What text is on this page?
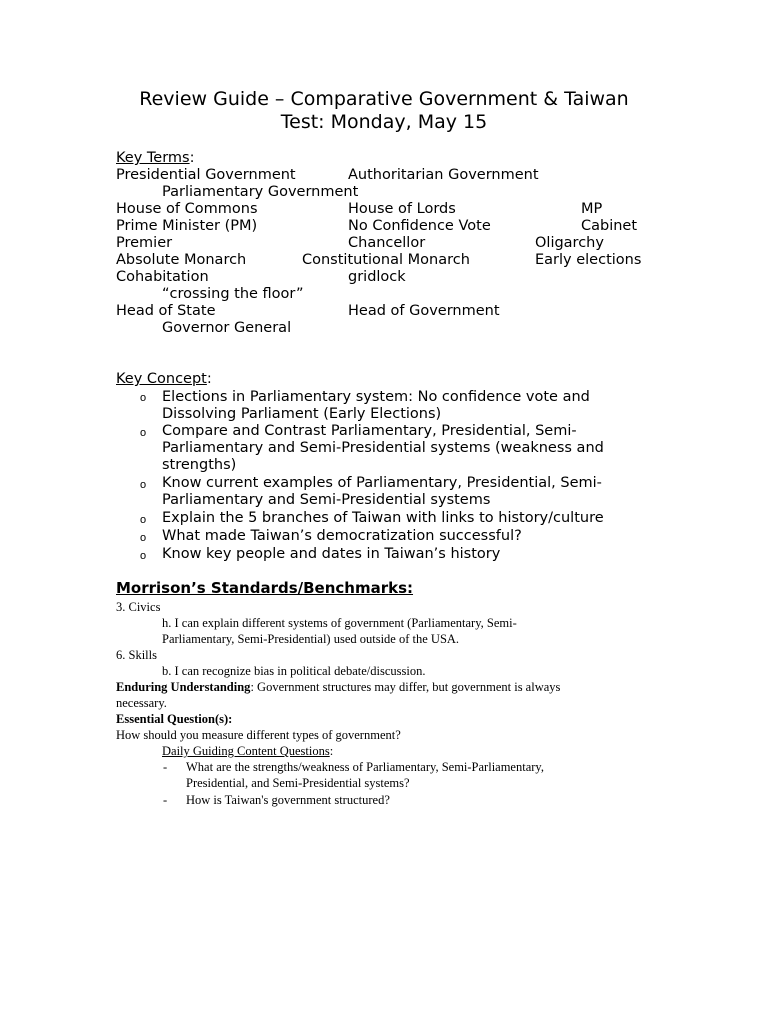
Review Guide – Comparative Government & Taiwan
Test: Monday, May 15
Key Terms:
Presidential Government	Authoritarian Government
Parliamentary Government
House of Commons	House of Lords	MP
Prime Minister (PM)	No Confidence Vote	Cabinet
Premier	Chancellor	Oligarchy
Absolute Monarch	Constitutional Monarch	Early elections
Cohabitation	gridlock
“crossing the floor”
Head of State	Head of Government
Governor General
Key Concept:
o Elections in Parliamentary system: No confidence vote and
Dissolving Parliament (Early Elections)
o Compare and Contrast Parliamentary, Presidential, Semi-
Parliamentary and Semi-Presidential systems (weakness and
strengths)
o Know current examples of Parliamentary, Presidential, Semi-
Parliamentary and Semi-Presidential systems
o Explain the 5 branches of Taiwan with links to history/culture
o What made Taiwan’s democratization successful?
o Know key people and dates in Taiwan’s history
Morrison’s Standards/Benchmarks:
3. Civics
h. I can explain different systems of government (Parliamentary, Semi-
Parliamentary, Semi-Presidential) used outside of the USA.
6. Skills
b. I can recognize bias in political debate/discussion.
Enduring Understanding: Government structures may differ, but government is always
necessary.
Essential Question(s):
How should you measure different types of government?
Daily Guiding Content Questions:
- What are the strengths/weakness of Parliamentary, Semi-Parliamentary,
Presidential, and Semi-Presidential systems?
- How is Taiwan's government structured?
